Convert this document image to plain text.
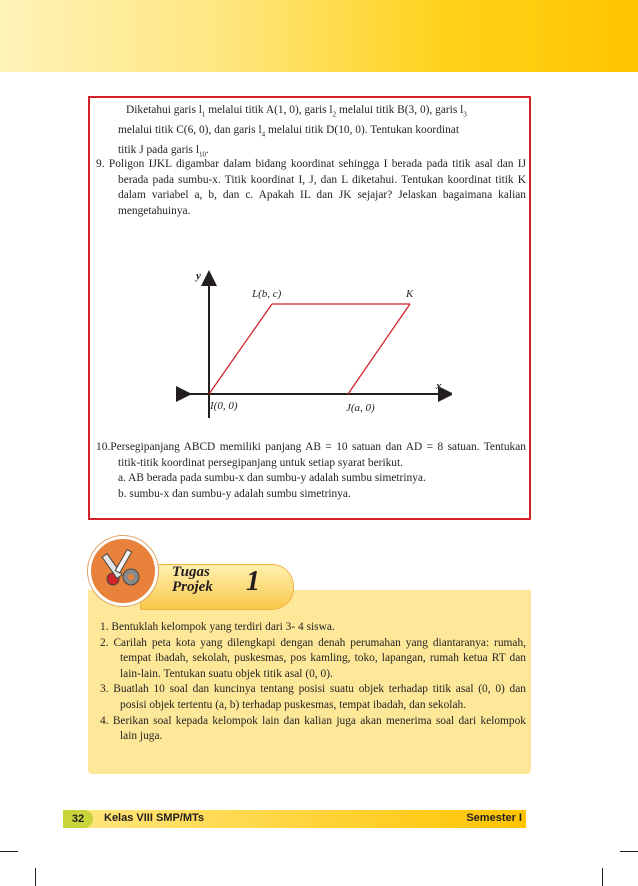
Diketahui garis $l_1$ melalui titik A(1, 0), garis $l_2$ melalui titik B(3, 0), garis $l_3$

melalui titik C(6, 0), dan garis $l_4$ melalui titik D(10, 0). Tentukan koordinat

titik J pada garis $l_{10}$.

9. Poligon IJKL digambar dalam bidang koordinat sehingga I berada pada titik asal dan IJ berada pada sumbu-x. Titik koordinat I, J, dan L diketahui. Tentukan koordinat titik K dalam variabel a, b, dan c. Apakah IL dan JK sejajar? Jelaskan bagaimana kalian mengetahuinya.

y
x
L(b, c)	K
I(0, 0)	J(a, 0)

10.Persegipanjang ABCD memiliki panjang AB = 10 satuan dan AD = 8 satuan. Tentukan titik-titik koordinat persegipanjang untuk setiap syarat berikut.

a. AB berada pada sumbu-x dan sumbu-y adalah sumbu simetrinya.

b. sumbu-x dan sumbu-y adalah sumbu simetrinya.

Tugas
Projek 1

1. Bentuklah kelompok yang terdiri dari 3- 4 siswa.
2. Carilah peta kota yang dilengkapi dengan denah perumahan yang diantaranya: rumah, tempat ibadah, sekolah, puskesmas, pos kamling, toko, lapangan, rumah ketua RT dan lain-lain. Tentukan suatu objek titik asal (0, 0).
3. Buatlah 10 soal dan kuncinya tentang posisi suatu objek terhadap titik asal (0, 0) dan posisi objek tertentu (a, b) terhadap puskesmas, tempat ibadah, dan sekolah.
4. Berikan soal kepada kelompok lain dan kalian juga akan menerima soal dari kelompok lain juga.

32	Kelas VIII SMP/MTs	Semester I
